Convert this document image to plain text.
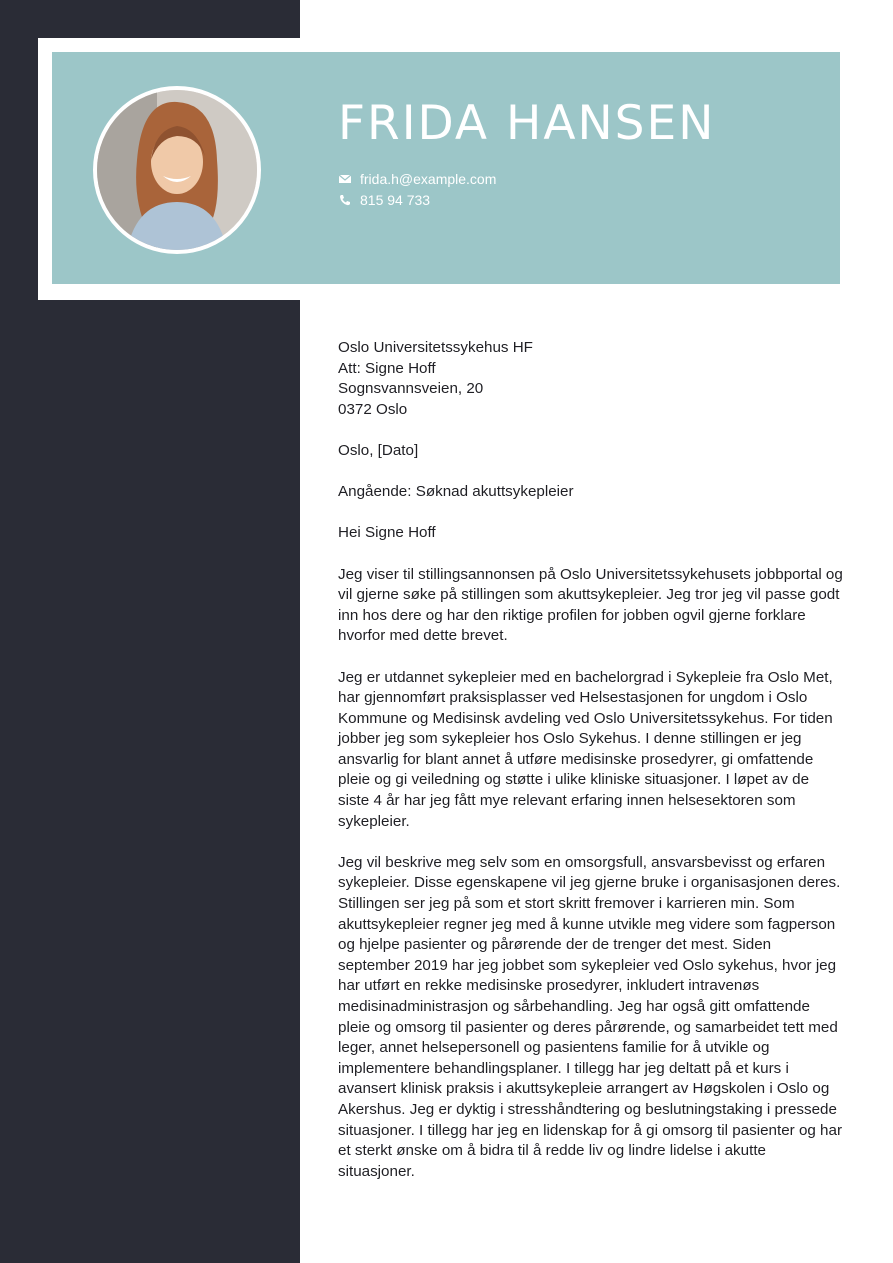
FRIDA HANSEN
frida.h@example.com
815 94 733

Oslo Universitetssykehus HF
Att: Signe Hoff
Sognsvannsveien, 20
0372 Oslo

Oslo, [Dato]

Angående: Søknad akuttsykepleier

Hei Signe Hoff

Jeg viser til stillingsannonsen på Oslo Universitetssykehusets jobbportal og vil gjerne søke på stillingen som akuttsykepleier. Jeg tror jeg vil passe godt inn hos dere og har den riktige profilen for jobben ogvil gjerne forklare hvorfor med dette brevet.

Jeg er utdannet sykepleier med en bachelorgrad i Sykepleie fra Oslo Met, har gjennomført praksisplasser ved Helsestasjonen for ungdom i Oslo Kommune og Medisinsk avdeling ved Oslo Universitetssykehus. For tiden jobber jeg som sykepleier hos Oslo Sykehus. I denne stillingen er jeg ansvarlig for blant annet å utføre medisinske prosedyrer, gi omfattende pleie og gi veiledning og støtte i ulike kliniske situasjoner. I løpet av de siste 4 år har jeg fått mye relevant erfaring innen helsesektoren som sykepleier.

Jeg vil beskrive meg selv som en omsorgsfull, ansvarsbevisst og erfaren sykepleier. Disse egenskapene vil jeg gjerne bruke i organisasjonen deres. Stillingen ser jeg på som et stort skritt fremover i karrieren min. Som akuttsykepleier regner jeg med å kunne utvikle meg videre som fagperson og hjelpe pasienter og pårørende der de trenger det mest. Siden september 2019 har jeg jobbet som sykepleier ved Oslo sykehus, hvor jeg har utført en rekke medisinske prosedyrer, inkludert intravenøs medisinadministrasjon og sårbehandling. Jeg har også gitt omfattende pleie og omsorg til pasienter og deres pårørende, og samarbeidet tett med leger, annet helsepersonell og pasientens familie for å utvikle og implementere behandlingsplaner. I tillegg har jeg deltatt på et kurs i avansert klinisk praksis i akuttsykepleie arrangert av Høgskolen i Oslo og Akershus. Jeg er dyktig i stresshåndtering og beslutningstaking i pressede situasjoner. I tillegg har jeg en lidenskap for å gi omsorg til pasienter og har et sterkt ønske om å bidra til å redde liv og lindre lidelse i akutte situasjoner.
